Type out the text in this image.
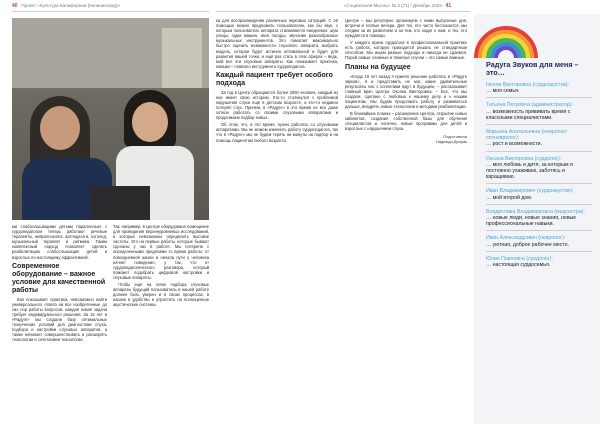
40 Проект «Культура Калифорнии (Калининград)»	«Социальная Мысль» № 2 (71) / Декабрь 2023 41

ми слабослышащими детьми параллельно с сурдопедагогом теперь работают речевые терапевты, нейропсихолог, артпедагоги, логопед, музыкальный терапевт и ритмика. Таким комплексный подход позволяет сделать реабилитацию слабослышащих детей и взрослых по-настоящему эффективной.

Современное оборудование – важное условие для качественной работы

Кая показывает практика, невозможно найти универсального ответа на все изобретенные до сих пор работы вопросов, каждая новая задача требует индивидуального решения. За 15 лет в «Радуге» мы создали базу оптимальных технических условий для диагностики слуха, подбора и настройки слуховых аппаратов, а также начинает совершенствовать и расширять технологии и сочетанием технологии.

Так, например, в Центре оборудована помещение для проведения верхнеуровневых исследований, в которых невозможно определить высокие частоты. Это на первые работы, которые бывают сделаны у нас в работе. Мы потеряли с определенными пределами то время работы: от повседневной жизни и начала пути у человека начнет поведение, у так, что от сурдопедагогического разговора, который поможет подобрать цифровой настройки и слуховые аппараты.

Чтобы ещё на этапе подбора слуховые аппараты будущий пользователь в нашей работе должен быть уверен и в своих процессах, в нашем в удобство и упростить на полноценное акустические системы.

ка для воспроизведения различных звуковых ситуаций. С её помощью можно предложить пользователю, как бы звук, с которым пользователь аппарата сталкивается ежедневно: шум улицы, гудки машин, звон посуды, звучание разнообразных музыкальных инструментов. Это помогает максимально быстро оценить возможности слухового аппарата, выбрать модель, которая будет истинно оптимальной и будет для развития вашей точки, и ещё раз стать в этих сферах – ведь, мой все эти слуховые аппараты. Как показывает практика, навыки – главного инструмента сурдопедагога.

Каждый пациент требует особого подхода

За год в Центр обращаются более 2000 человек, каждый из них имеет свою историю. Кто-то столкнулся с проблемой нарушения слуха ещё в детском возрасте, а кто-то недавно потерял слух. Причем, в «Радуге» в это время не все даже хотели работать со своими слуховыми аппаратами и продолжаем подбор новых.

Об этом, что, в это время, нужно работать со слуховыми аппаратами. Мы не можем изменить работу сурдопедагога, так что в «Радуге» мы не будем терять ни минуты на подбор и на помощь пациентам любого возраста.

Центре – мы регулярно организуем с ними выпускные дня, встречи и теплые вечера. Для тех, кто часто беспокоится, мы следим за их развитием и за тем, кто ходит к нам, и тех, кто нуждается в помощи.

У каждого врача сурдолога в профессиональной практике есть работа, которую приходится решать не стандартным способом. Мы ищем разные подходы и никогда не сдаемся. Порой самые сложные и тяжелые случаи – это самые важные.

Планы на будущее

«Когда 15 лет назад я принял решение работать в «Радуге звуков», я и представить не мог, какие удивительные результаты нас с коллегами ждут в будущем, – рассказывает главный врач Центра Оксана Викторовна. – Все, что мы создали, сделано с любовью к нашему делу и к нашим пациентам. Мы будем продолжать работу и развиваться дальше, внедрять новые технологии и методики реабилитации.

В ближайших планах – расширение Центра, открытие новых кабинетов, создание собственной базы для обучения специалистов и, конечно, новые программы для детей и взрослых с нарушением слуха.

Подготовила
Надежда Дворак
Радуга Звуков для меня – это…
Нелли Викторовна (сурдоакустик):
… моя семья.
Татьяна Петровна (администратор):
… возможность прививать время с классными специалистами.
Марьяна Анатольевна (невролог/отоневролог):
… рост и возможности.
Оксана Викторовна (сурдолог):
… моя любовь и дитя, за которым я постоянно ухаживаю, заботясь и взращиваю.
Иван Владимирович (сурдоакустик):
… мой второй дом.
Владислава Владимировна (медсестра):
… новые люди, новые знания, новые профессиональные навыки.
Иван Александрович (невролог):
… уютная, доброе рабочее место.
Юлия Павловна (сурдолог):
… настоящая сурдосемья.
